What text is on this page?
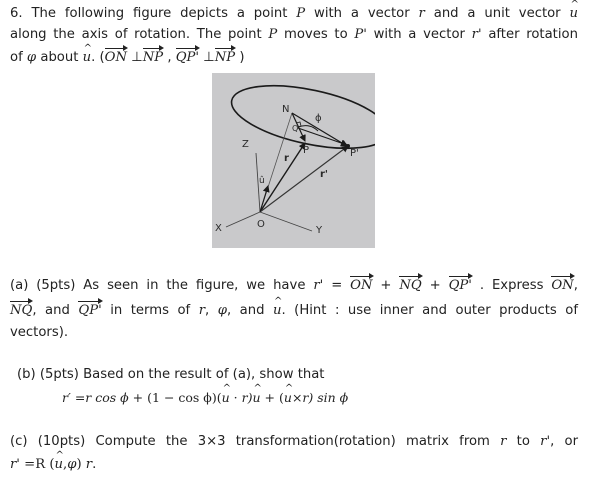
6. The following figure depicts a point P with a vector r and a unit vector ^ u
along the axis of rotation. The point P moves to P' with a vector r' after rotation
of φ about ^ u. (ON ⊥NP , QP' ⊥NP )
N
Q
ϕ
P	P'
Z
r
r'
û
X	O
Y
(a) (5pts) As seen in the figure, we have r' = ON + NQ + QP' . Express ON,
NQ, and QP' in terms of r, φ, and ^ u. (Hint : use inner and outer products of
vectors).
(b) (5pts) Based on the result of (a), show that
r′ =r cos ϕ + (1 − cos ϕ)(^ u · r)^ u + (^ u×r) sin ϕ
(c) (10pts) Compute the 3×3 transformation(rotation) matrix from r to r', or
r' =R (^ u,φ) r.
